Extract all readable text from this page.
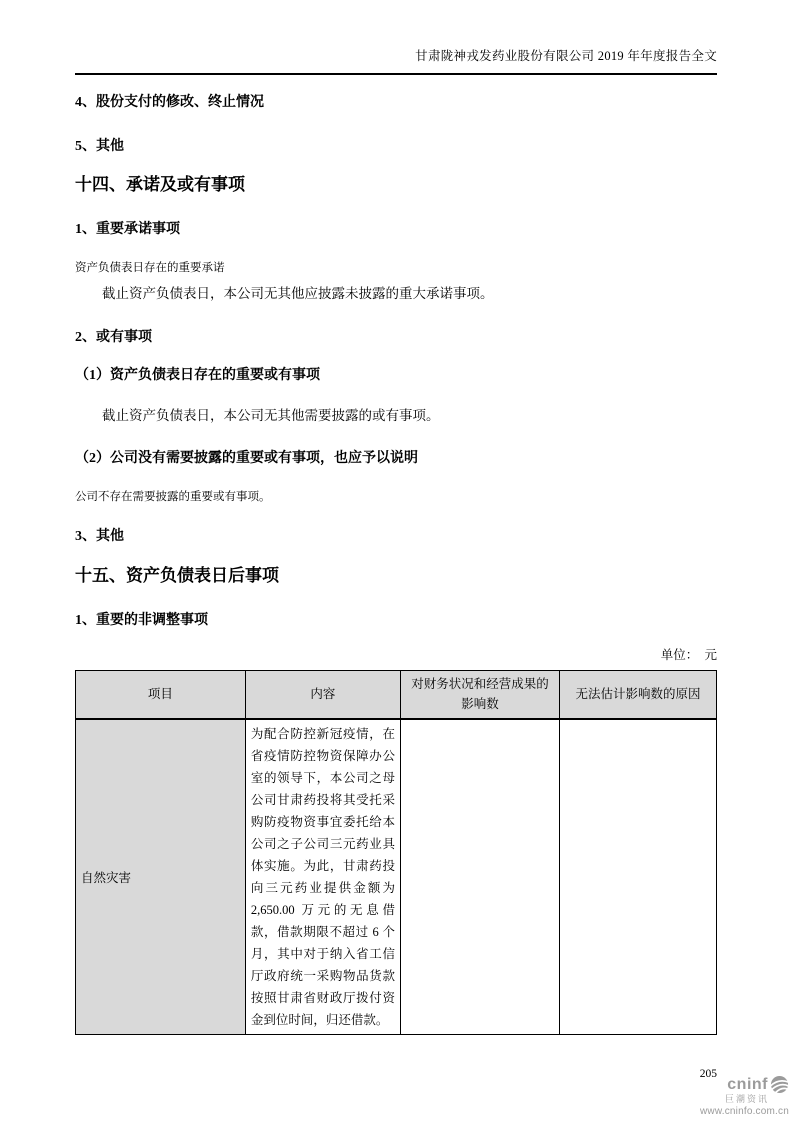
甘肃陇神戎发药业股份有限公司 2019 年年度报告全文
4、股份支付的修改、终止情况
5、其他
十四、承诺及或有事项
1、重要承诺事项
资产负债表日存在的重要承诺
截止资产负债表日，本公司无其他应披露未披露的重大承诺事项。
2、或有事项
（1）资产负债表日存在的重要或有事项
截止资产负债表日，本公司无其他需要披露的或有事项。
（2）公司没有需要披露的重要或有事项，也应予以说明
公司不存在需要披露的重要或有事项。
3、其他
十五、资产负债表日后事项
1、重要的非调整事项
单位：  元
项目	内容	对财务状况和经营成果的影响数	无法估计影响数的原因
自然灾害	为配合防控新冠疫情，在省疫情防控物资保障办公室的领导下，本公司之母公司甘肃药投将其受托采购防疫物资事宜委托给本公司之子公司三元药业具体实施。为此，甘肃药投向三元药业提供金额为 2,650.00 万元的无息借款，借款期限不超过 6 个月，其中对于纳入省工信厅政府统一采购物品货款按照甘肃省财政厅拨付资金到位时间，归还借款。		
205
cninf
巨潮资讯
www.cninfo.com.cn
